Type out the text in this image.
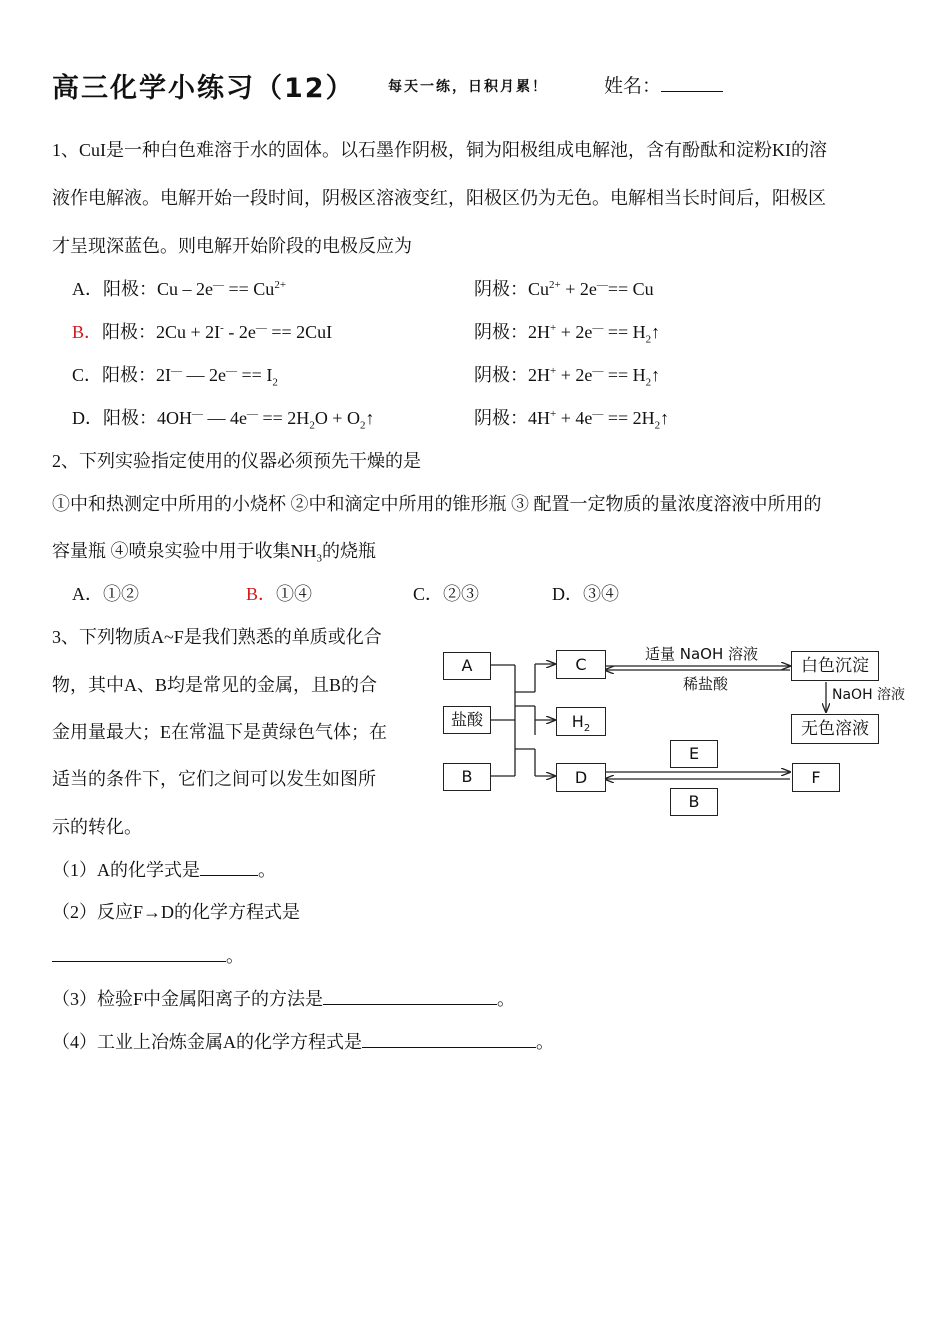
高三化学小练习（12） 每天一练，日积月累！	姓名：
1、CuI是一种白色难溶于水的固体。以石墨作阴极，铜为阳极组成电解池，含有酚酞和淀粉KI的溶
液作电解液。电解开始一段时间，阴极区溶液变红，阳极区仍为无色。电解相当长时间后，阳极区
才呈现深蓝色。则电解开始阶段的电极反应为
A．阳极：$Cu - 2e^— == Cu^{2+}$	阴极：$Cu^{2+} + 2e^—== Cu$
B．阳极：2Cu + 2I- - 2e— == 2CuI	阴极：$2H^+ + 2e^— == H_2↑$
C．阳极：2I— — $2e^— == I_2$	阴极：$2H^+ + 2e^— == H_2↑$
D．阳极：4OH— — $4e^— == 2H_2O$ + $O_2↑$	阴极：$4H^+ + 4e^— == 2H_2↑$
2、下列实验指定使用的仪器必须预先干燥的是
①中和热测定中所用的小烧杯 ②中和滴定中所用的锥形瓶 ③ 配置一定物质的量浓度溶液中所用的
容量瓶 ④喷泉实验中用于收集$NH_3$的烧瓶
A．①②	B．①④	C．②③	D．③④
3、下列物质A~F是我们熟悉的单质或化合
物，其中A、B均是常见的金属，且B的合
金用量最大；E在常温下是黄绿色气体；在
适当的条件下，它们之间可以发生如图所
示的转化。
（1）A的化学式是	。
（2）反应F→D的化学方程式是
。
（3）检验F中金属阳离子的方法是	。
（4）工业上冶炼金属A的化学方程式是	。
A
盐酸
B
C
$H_2$
D
E
B
F
白色沉淀
无色溶液
适量 NaOH 溶液
稀盐酸
NaOH 溶液
